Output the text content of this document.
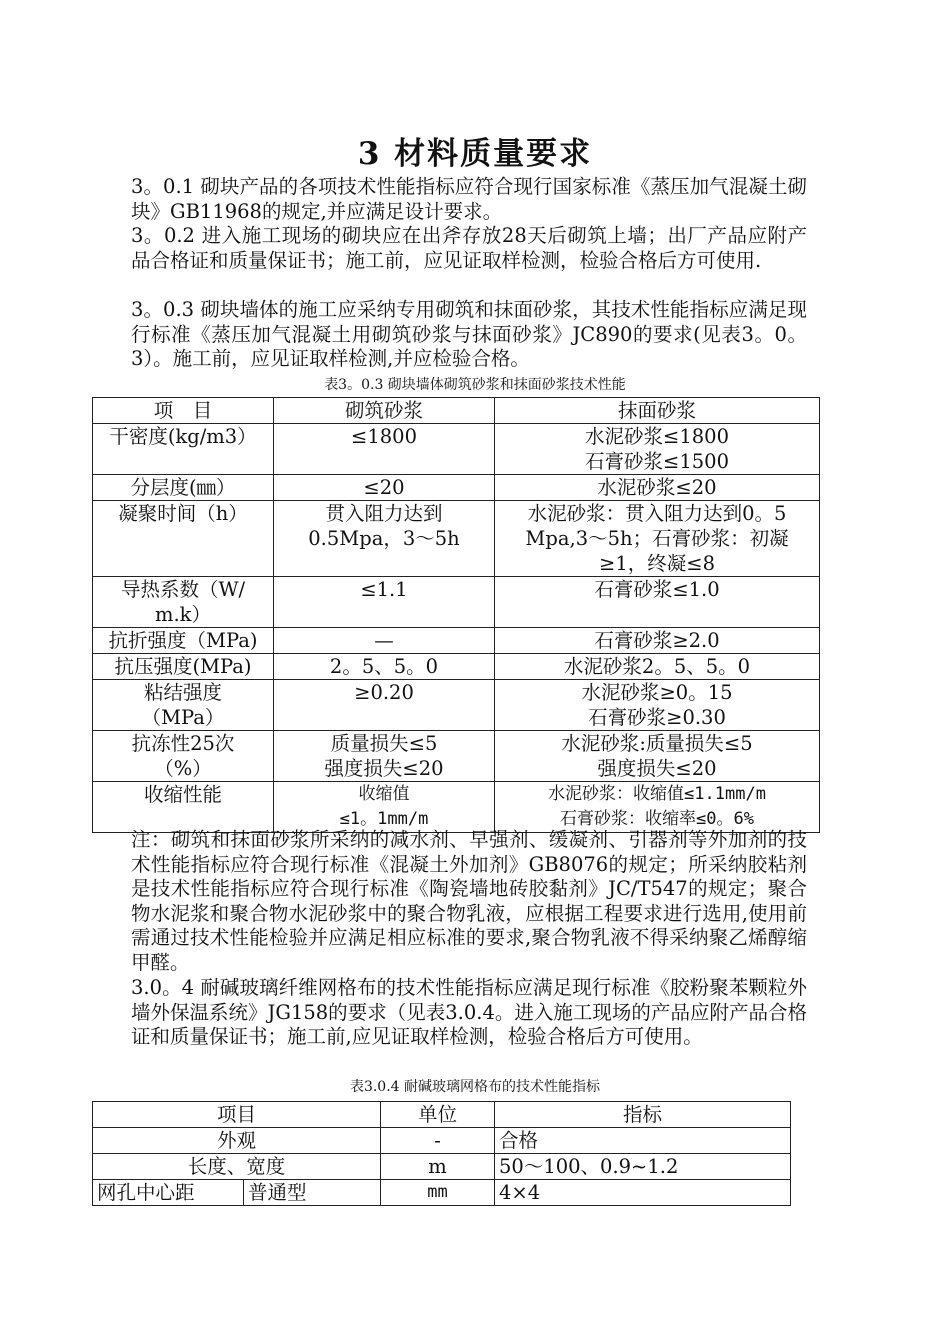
3 材料质量要求
3。0.1 砌块产品的各项技术性能指标应符合现行国家标准《蒸压加气混凝土砌块》GB11968的规定,并应满足设计要求。
3。0.2 进入施工现场的砌块应在出斧存放28天后砌筑上墙；出厂产品应附产品合格证和质量保证书；施工前，应见证取样检测，检验合格后方可使用.
3。0.3 砌块墙体的施工应采纳专用砌筑和抹面砂浆，其技术性能指标应满足现行标准《蒸压加气混凝土用砌筑砂浆与抹面砂浆》JC890的要求(见表3。0。3）。施工前，应见证取样检测,并应检验合格。
表3。0.3 砌块墙体砌筑砂浆和抹面砂浆技术性能
项　目	砌筑砂浆	抹面砂浆

干密度(kg/m3）	≤1800	水泥砂浆≤1800
石膏砂浆≤1500

分层度(㎜）	≤20	水泥砂浆≤20

凝聚时间（h）	贯入阻力达到
0.5Mpa，3～5h	水泥砂浆：贯入阻力达到0。5
Mpa,3～5h；石膏砂浆：初凝
≥1，终凝≤8

导热系数（W/
m.k）	≤1.1	石膏砂浆≤1.0

抗折强度（MPa)	—	石膏砂浆≥2.0

抗压强度(MPa)	2。5、5。0	水泥砂浆2。5、5。0

粘结强度
（MPa）	≥0.20	水泥砂浆≥0。15
石膏砂浆≥0.30

抗冻性25次
（%）	质量损失≤5
强度损失≤20	水泥砂浆:质量损失≤5
强度损失≤20

收缩性能	收缩值
≤1。1mm/m	水泥砂浆：收缩值≤1.1mm/m
石膏砂浆：收缩率≤0。6%
注：砌筑和抹面砂浆所采纳的减水剂、早强剂、缓凝剂、引器剂等外加剂的技术性能指标应符合现行标准《混凝土外加剂》GB8076的规定；所采纳胶粘剂是技术性能指标应符合现行标准《陶瓷墙地砖胶黏剂》JC/T547的规定；聚合物水泥浆和聚合物水泥砂浆中的聚合物乳液，应根据工程要求进行选用,使用前需通过技术性能检验并应满足相应标准的要求,聚合物乳液不得采纳聚乙烯醇缩甲醛。
3.0。4 耐碱玻璃纤维网格布的技术性能指标应满足现行标准《胶粉聚苯颗粒外墙外保温系统》JG158的要求（见表3.0.4。进入施工现场的产品应附产品合格证和质量保证书；施工前,应见证取样检测，检验合格后方可使用。
表3.0.4 耐碱玻璃网格布的技术性能指标
项目		单位	指标
外观		-	合格
长度、宽度		m	50～100、0.9~1.2
网孔中心距	普通型	mm	4×4
